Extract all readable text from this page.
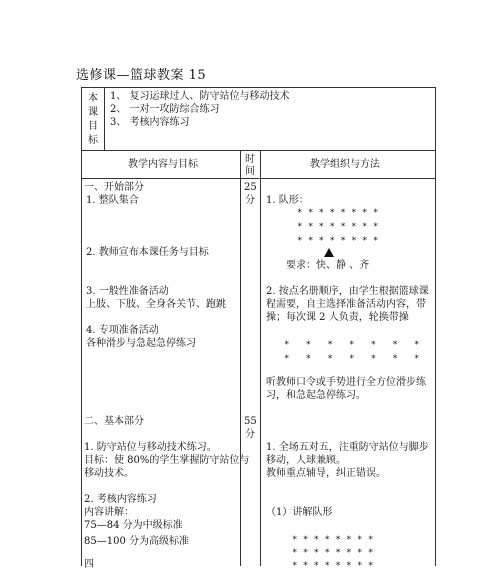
选修课—篮球教案 15
本
课
目
标
1、 复习运球过人、防守站位与移动技术
2、 一对一攻防综合练习
3、 考核内容练习
教学内容与目标	时
间
教学组织与方法
一、开始部分
1. 整队集合
2. 教师宣布本课任务与目标
3. 一般性准备活动
上肢、下肢、全身各关节、跑跳
4. 专项准备活动
各种滑步与急起急停练习
二、基本部分
1. 防守站位与移动技术练习。
目标：使 80%的学生掌握防守站位与
移动技术。
2. 考核内容练习
内容讲解：
75—84 分为中级标准
85—100 分为高级标准
四
25
分
55
分
1. 队形：
* * * * * * * *
* * * * * * * *
* * * * * * * *
要求：快、静 、齐
2. 按点名册顺序，由学生根据篮球课
程需要，自主选择准备活动内容，带
操；每次课 2 人负责，轮换带操
*   *   *   *   *   *   *
*   *   *   *   *   *   *
听教师口令或手势进行全方位滑步练
习，和急起急停练习。
1. 全场五对五，注重防守站位与脚步
移动，人球兼顾。
教师重点辅导，纠正错误。
（1）讲解队形
* * * * * * * *
* * * * * * * *
* * * * * * * *
